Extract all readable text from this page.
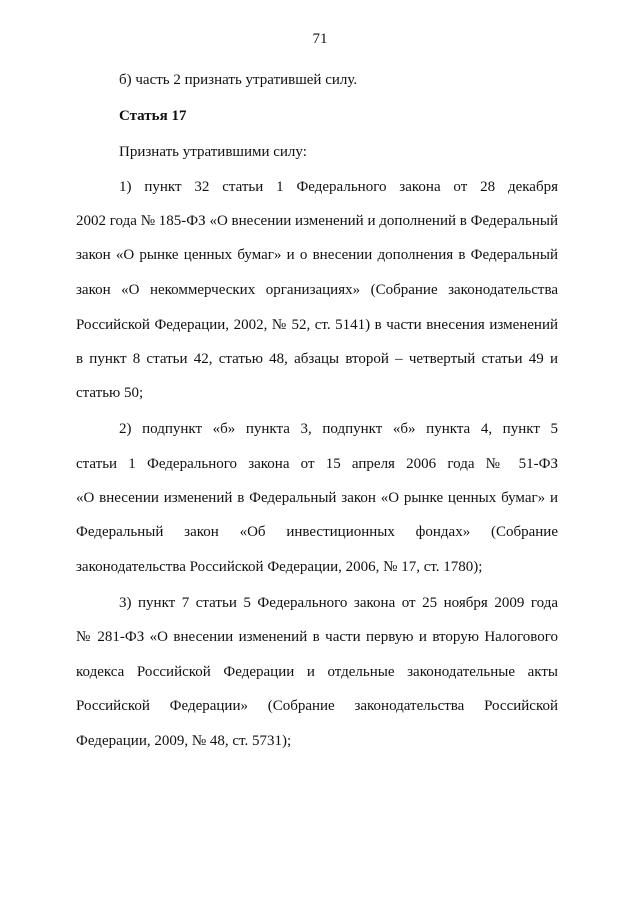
71
б) часть 2 признать утратившей силу.
Статья 17
Признать утратившими силу:
1) пункт 32 статьи 1 Федерального закона от 28 декабря
2002 года № 185-ФЗ «О внесении изменений и дополнений в Федеральный
закон «О рынке ценных бумаг» и о внесении дополнения в Федеральный
закон «О некоммерческих организациях» (Собрание законодательства
Российской Федерации, 2002, № 52, ст. 5141) в части внесения изменений
в пункт 8 статьи 42, статью 48, абзацы второй – четвертый статьи 49 и
статью 50;
2) подпункт «б» пункта 3, подпункт «б» пункта 4, пункт 5
статьи 1 Федерального закона от 15 апреля 2006 года № 51-ФЗ
«О внесении изменений в Федеральный закон «О рынке ценных бумаг» и
Федеральный закон «Об инвестиционных фондах» (Собрание
законодательства Российской Федерации, 2006, № 17, ст. 1780);
3) пункт 7 статьи 5 Федерального закона от 25 ноября 2009 года
№ 281-ФЗ «О внесении изменений в части первую и вторую Налогового
кодекса Российской Федерации и отдельные законодательные акты
Российской Федерации» (Собрание законодательства Российской
Федерации, 2009, № 48, ст. 5731);
